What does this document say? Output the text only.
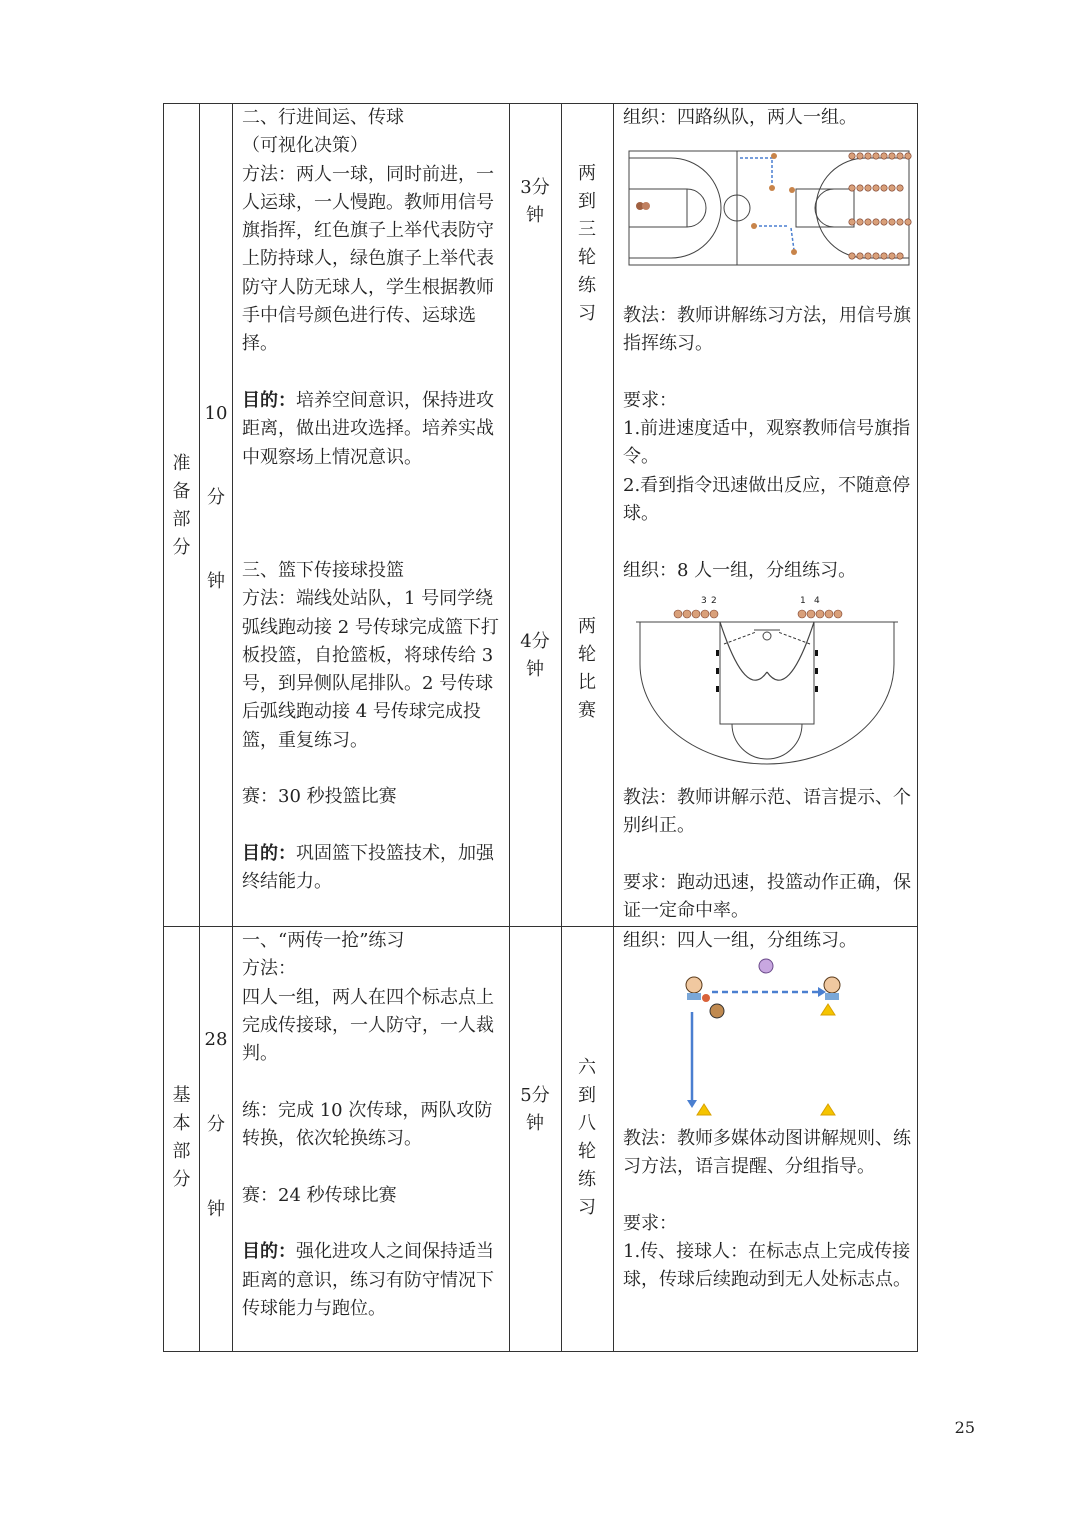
准备部分
10分钟

二、行进间运、传球

（可视化决策）

方法：两人一球，同时前进，一人运球，一人慢跑。教师用信号旗指挥，红色旗子上举代表防守上防持球人，绿色旗子上举代表防守人防无球人，学生根据教师手中信号颜色进行传、运球选择。

目的：培养空间意识，保持进攻距离，做出进攻选择。培养实战中观察场上情况意识。

三、篮下传接球投篮

方法：端线处站队，1 号同学绕弧线跑动接 2 号传球完成篮下打板投篮，自抢篮板，将球传给 3 号，到异侧队尾排队。2 号传球后弧线跑动接 4 号传球完成投篮，重复练习。

赛：30 秒投篮比赛

目的：巩固篮下投篮技术，加强终结能力。

3分钟
4分钟
两到三轮练习
两轮比赛

组织：四路纵队，两人一组。

教法：教师讲解练习方法，用信号旗指挥练习。

要求：

1.前进速度适中，观察教师信号旗指令。

2.看到指令迅速做出反应，不随意停球。

组织：8 人一组，分组练习。

3 2	1 4

教法：教师讲解示范、语言提示、个别纠正。

要求：跑动迅速，投篮动作正确，保证一定命中率。

基本部分
28分钟

一、“两传一抢”练习

方法：

四人一组，两人在四个标志点上完成传接球，一人防守，一人裁判。

练：完成 10 次传球，两队攻防转换，依次轮换练习。

赛：24 秒传球比赛

目的：强化进攻人之间保持适当距离的意识，练习有防守情况下传球能力与跑位。

5分钟
六到八轮练习

组织：四人一组，分组练习。

教法：教师多媒体动图讲解规则、练习方法，语言提醒、分组指导。

要求：

1.传、接球人：在标志点上完成传接球，传球后续跑动到无人处标志点。

25
